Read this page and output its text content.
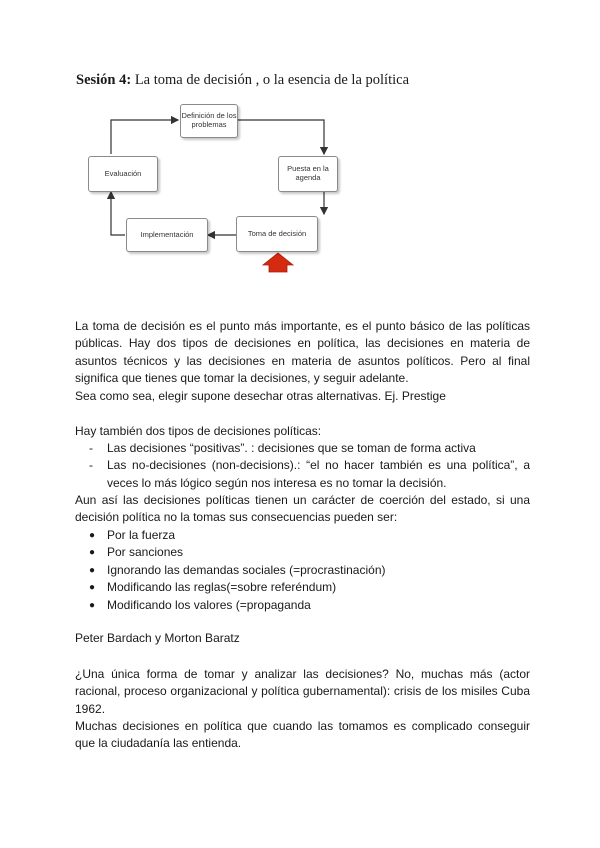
Sesión 4: La toma de decisión , o la esencia de la política
Definición de los problemas
Puesta en la agenda
Toma de decisión
Implementación
Evaluación
La toma de decisión es el punto más importante, es el punto básico de las políticas públicas. Hay dos tipos de decisiones en política, las decisiones en materia de asuntos técnicos y las decisiones en materia de asuntos políticos. Pero al final significa que tienes que tomar la decisiones, y seguir adelante.
Sea como sea, elegir supone desechar otras alternativas. Ej. Prestige
Hay también dos tipos de decisiones políticas:
- Las decisiones “positivas”. : decisiones que se toman de forma activa
- Las no-decisiones (non-decisions).: “el no hacer también es una política”, a veces lo más lógico según nos interesa es no tomar la decisión.
Aun así las decisiones políticas tienen un carácter de coerción del estado, si una decisión política no la tomas sus consecuencias pueden ser:
● Por la fuerza
● Por sanciones
● Ignorando las demandas sociales (=procrastinación)
● Modificando las reglas(=sobre referéndum)
● Modificando los valores (=propaganda
Peter Bardach y Morton Baratz
¿Una única forma de tomar y analizar las decisiones? No, muchas más (actor racional, proceso organizacional y política gubernamental): crisis de los misiles Cuba 1962.
Muchas decisiones en política que cuando las tomamos es complicado conseguir que la ciudadanía las entienda.
